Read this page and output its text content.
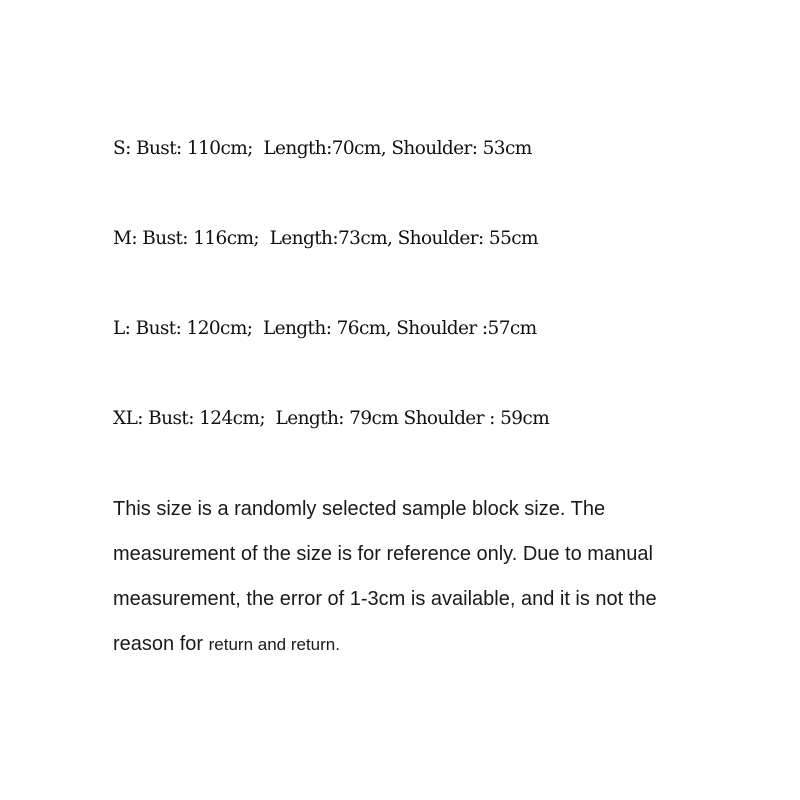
S: Bust: 110cm;  Length:70cm, Shoulder: 53cm
M: Bust: 116cm;  Length:73cm, Shoulder: 55cm
L: Bust: 120cm;  Length: 76cm, Shoulder :57cm
XL: Bust: 124cm;  Length: 79cm Shoulder : 59cm
This size is a randomly selected sample block size. The
measurement of the size is for reference only. Due to manual
measurement, the error of 1-3cm is available, and it is not the
reason for return and return.
